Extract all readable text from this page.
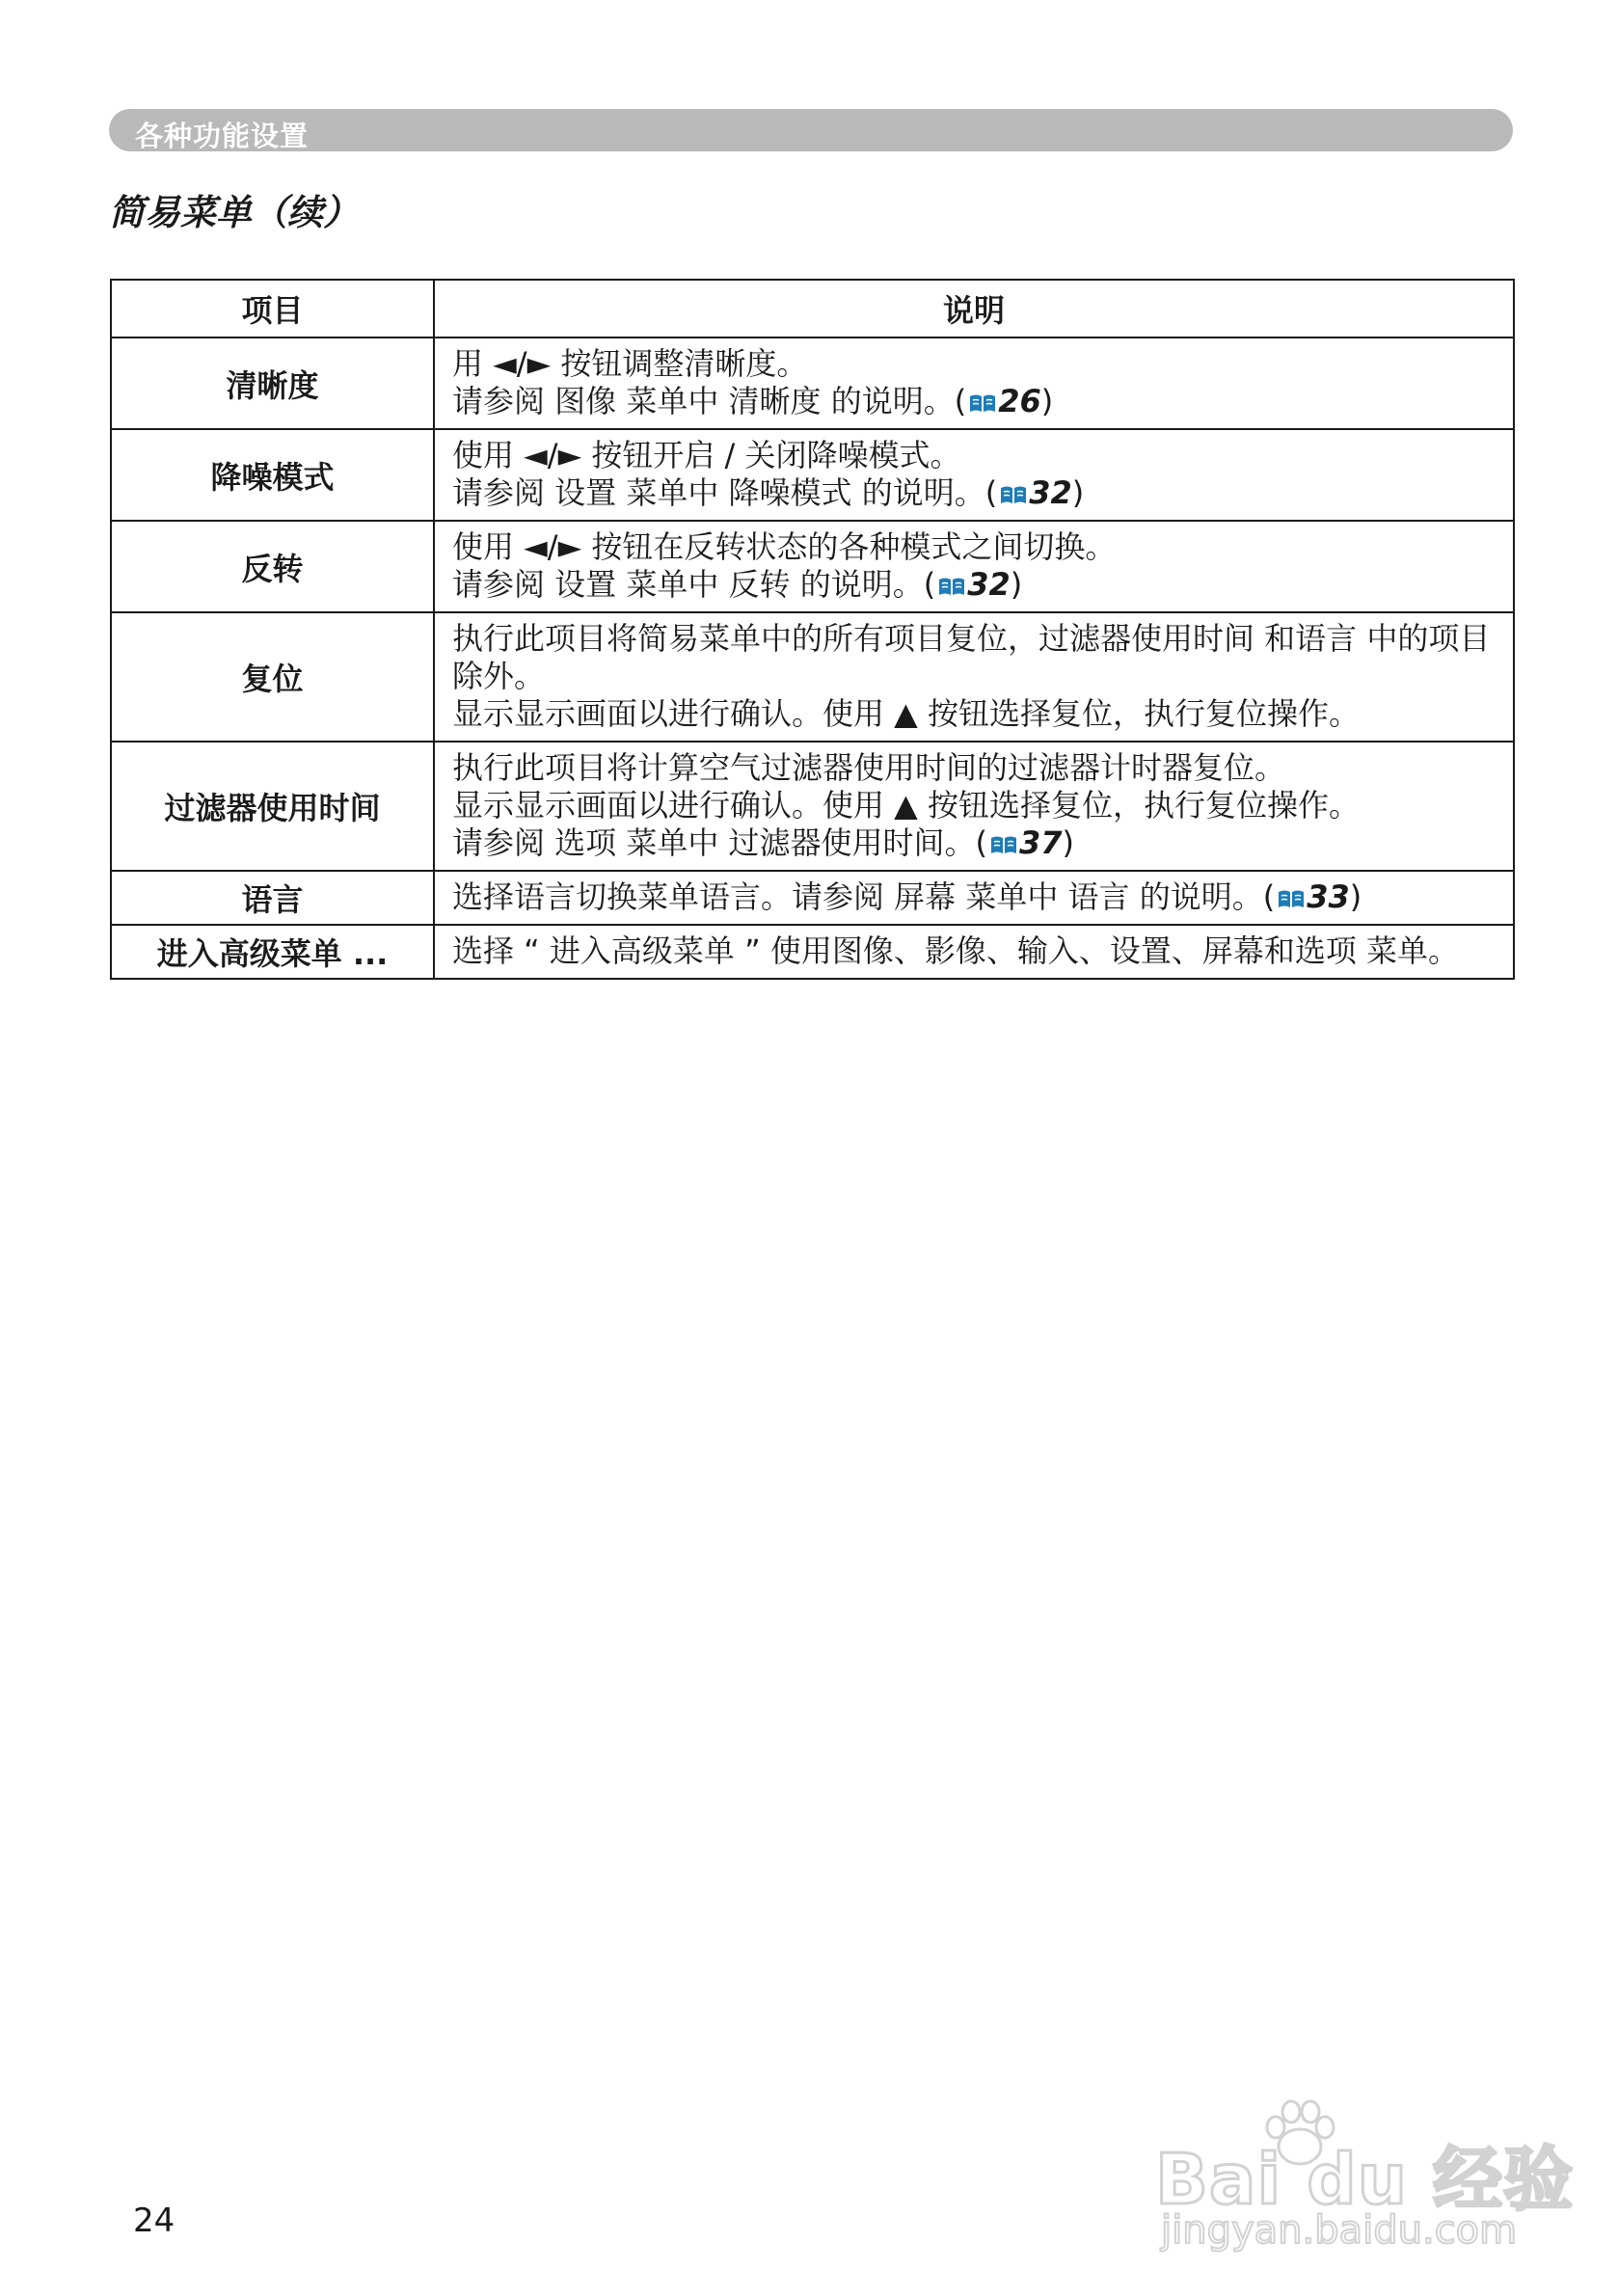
各种功能设置
简易菜单（续）
项目	说明
清晰度	用 ◄/► 按钮调整清晰度。
请参阅 图像 菜单中 清晰度 的说明。( 26)

降噪模式	使用 ◄/► 按钮开启 / 关闭降噪模式。
请参阅 设置 菜单中 降噪模式 的说明。( 32)

反转	使用 ◄/► 按钮在反转状态的各种模式之间切换。
请参阅 设置 菜单中 反转 的说明。( 32)

复位	执行此项目将简易菜单中的所有项目复位，过滤器使用时间 和语言 中的项目除外。
显示显示画面以进行确认。使用 ▲ 按钮选择复位，执行复位操作。

过滤器使用时间	执行此项目将计算空气过滤器使用时间的过滤器计时器复位。
显示显示画面以进行确认。使用 ▲ 按钮选择复位，执行复位操作。
请参阅 选项 菜单中 过滤器使用时间。( 37)

语言	选择语言切换菜单语言。请参阅 屏幕 菜单中 语言 的说明。( 33)

进入高级菜单 ...	选择 “ 进入高级菜单 ” 使用图像、影像、输入、设置、屏幕和选项 菜单。
24
Bai du 经验
jingyan.baidu.com
